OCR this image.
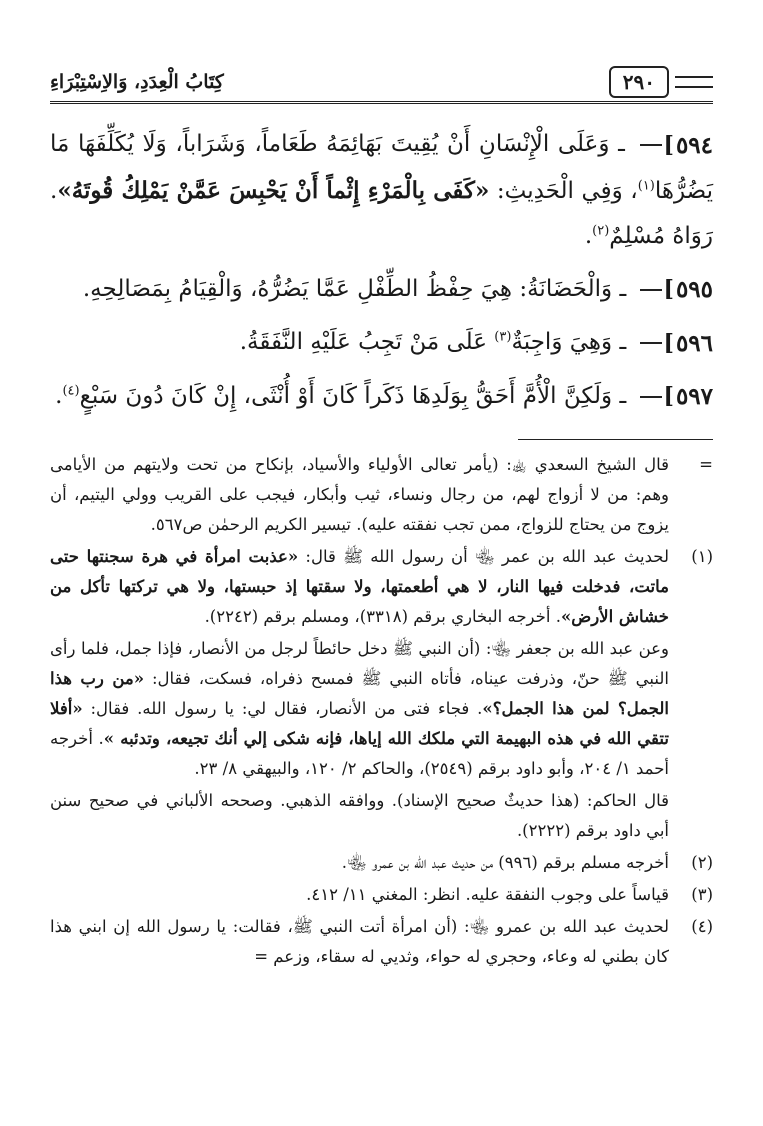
٢٩٠
كِتَابُ الْعِدَدِ، وَالاِسْتِبْرَاءِ

[ ٥٩٤
ـ وَعَلَى الْإِنْسَانِ أَنْ يُقِيتَ بَهَائِمَهُ طَعَاماً، وَشَرَاباً، وَلَا يُكَلِّفَهَا مَا يَضُرُّهَا$^{(١)}$، وَفِي الْحَدِيثِ: «كَفَى بِالْمَرْءِ إِثْماً أَنْ يَحْبِسَ عَمَّنْ يَمْلِكُ قُوتَهُ». رَوَاهُ مُسْلِمٌ$^{(٢)}$.

[ ٥٩٥
ـ وَالْحَضَانَةُ: هِيَ حِفْظُ الطِّفْلِ عَمَّا يَضُرُّهُ، وَالْقِيَامُ بِمَصَالِحِهِ.

[ ٥٩٦
ـ وَهِيَ وَاجِبَةٌ$^{(٣)}$ عَلَى مَنْ تَجِبُ عَلَيْهِ النَّفَقَةُ.

[ ٥٩٧
ـ وَلَكِنَّ الْأُمَّ أَحَقُّ بِوَلَدِهَا ذَكَراً كَانَ أَوْ أُنْثَى، إِنْ كَانَ دُونَ سَبْعٍ$^{(٤)}$.

=
قال الشيخ السعدي ﵀: (يأمر تعالى الأولياء والأسياد، بإنكاح من تحت ولايتهم من الأيامى وهم: من لا أزواج لهم، من رجال ونساء، ثيب وأبكار، فيجب على القريب وولي اليتيم، أن يزوج من يحتاج للزواج، ممن تجب نفقته عليه). تيسير الكريم الرحمٰن ص٥٦٧.
(١)
لحديث عبد الله بن عمر ﵄ أن رسول الله ﷺ قال: «عذبت امرأة في هرة سجنتها حتى ماتت، فدخلت فيها النار، لا هي أطعمتها، ولا سقتها إذ حبستها، ولا هي تركتها تأكل من خشاش الأرض». أخرجه البخاري برقم (٣٣١٨)، ومسلم برقم (٢٢٤٢).
وعن عبد الله بن جعفر ﵄: (أن النبي ﷺ دخل حائطاً لرجل من الأنصار، فإذا جمل، فلما رأى النبي ﷺ حنّ، وذرفت عيناه، فأتاه النبي ﷺ فمسح ذفراه، فسكت، فقال: «من رب هذا الجمل؟ لمن هذا الجمل؟». فجاء فتى من الأنصار، فقال لي: يا رسول الله. فقال: «أفلا تتقي الله في هذه البهيمة التي ملكك الله إياها، فإنه شكى إلي أنك تجيعه، وتدئبه ». أخرجه أحمد ١/ ٢٠٤، وأبو داود برقم (٢٥٤٩)، والحاكم ٢/ ١٢٠، والبيهقي ٨/ ٢٣.
قال الحاكم: (هذا حديثٌ صحيح الإسناد). ووافقه الذهبي. وصححه الألباني في صحيح سنن أبي داود برقم (٢٢٢٢).
(٢)
أخرجه مسلم برقم (٩٩٦) من حديث عبد الله بن عمرو ﵄.
(٣)
قياساً على وجوب النفقة عليه. انظر: المغني ١١/ ٤١٢.
(٤)
لحديث عبد الله بن عمرو ﵄: (أن امرأة أتت النبي ﷺ، فقالت: يا رسول الله إن ابني هذا كان بطني له وعاء، وحجري له حواء، وثديي له سقاء، وزعم =
